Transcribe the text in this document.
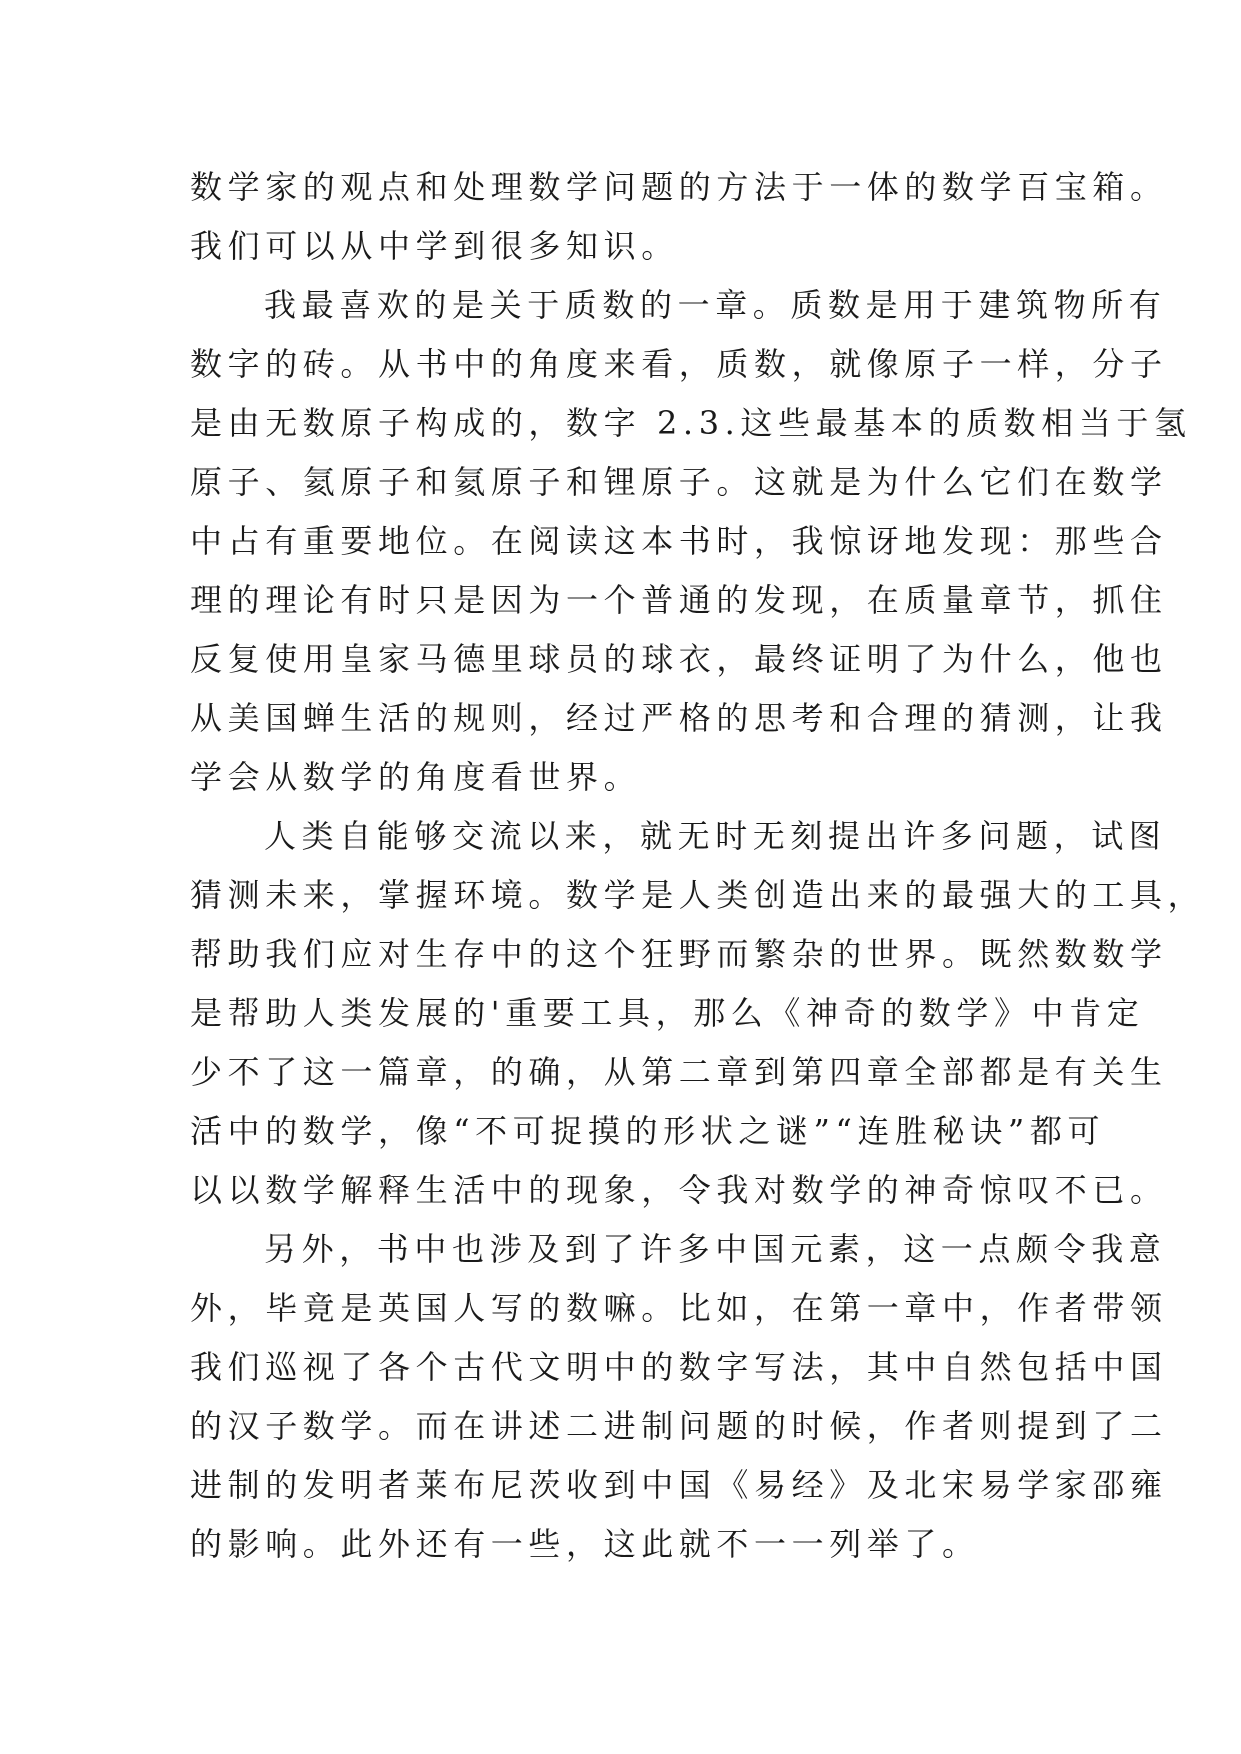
数学家的观点和处理数学问题的方法于一体的数学百宝箱。
我们可以从中学到很多知识。
我最喜欢的是关于质数的一章。质数是用于建筑物所有
数字的砖。从书中的角度来看，质数，就像原子一样，分子
是由无数原子构成的，数字 2.3.这些最基本的质数相当于氢
原子、氦原子和氦原子和锂原子。这就是为什么它们在数学
中占有重要地位。在阅读这本书时，我惊讶地发现：那些合
理的理论有时只是因为一个普通的发现，在质量章节，抓住
反复使用皇家马德里球员的球衣，最终证明了为什么，他也
从美国蝉生活的规则，经过严格的思考和合理的猜测，让我
学会从数学的角度看世界。
人类自能够交流以来，就无时无刻提出许多问题，试图
猜测未来，掌握环境。数学是人类创造出来的最强大的工具，
帮助我们应对生存中的这个狂野而繁杂的世界。既然数数学
是帮助人类发展的'重要工具，那么《神奇的数学》中肯定
少不了这一篇章，的确，从第二章到第四章全部都是有关生
活中的数学，像“不可捉摸的形状之谜”“连胜秘诀”都可
以以数学解释生活中的现象，令我对数学的神奇惊叹不已。
另外，书中也涉及到了许多中国元素，这一点颇令我意
外，毕竟是英国人写的数嘛。比如，在第一章中，作者带领
我们巡视了各个古代文明中的数字写法，其中自然包括中国
的汉子数学。而在讲述二进制问题的时候，作者则提到了二
进制的发明者莱布尼茨收到中国《易经》及北宋易学家邵雍
的影响。此外还有一些，这此就不一一列举了。
